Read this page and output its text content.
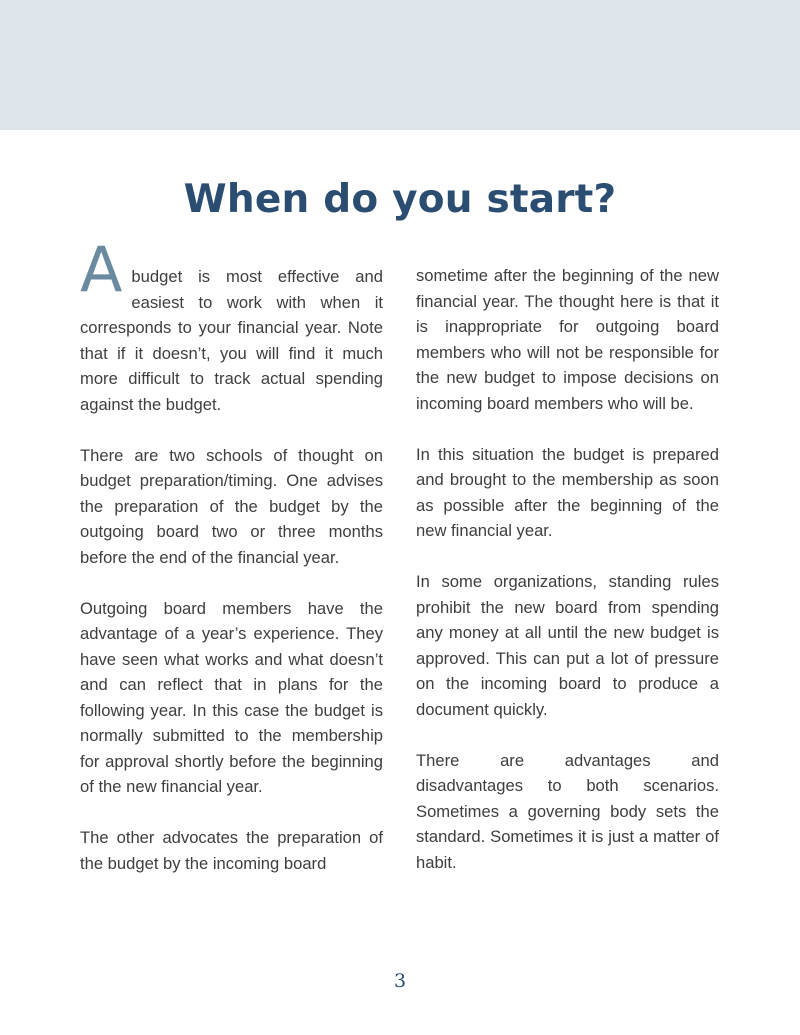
When do you start?

Abudget is most effective and easiest to work with when it corresponds to your financial year. Note that if it doesn’t, you will find it much more difficult to track actual spending against the budget.

There are two schools of thought on budget preparation/timing. One advises the preparation of the budget by the outgoing board two or three months before the end of the financial year.

Outgoing board members have the advantage of a year’s experience. They have seen what works and what doesn’t and can reflect that in plans for the following year. In this case the budget is normally submitted to the membership for approval shortly before the beginning of the new financial year.

The other advocates the preparation of the budget by the incoming board

sometime after the beginning of the new financial year. The thought here is that it is inappropriate for outgoing board members who will not be responsible for the new budget to impose decisions on incoming board members who will be.

In this situation the budget is prepared and brought to the membership as soon as possible after the beginning of the new financial year.

In some organizations, standing rules prohibit the new board from spending any money at all until the new budget is approved. This can put a lot of pressure on the incoming board to produce a document quickly.

There are advantages and disadvantages to both scenarios. Sometimes a governing body sets the standard. Sometimes it is just a matter of habit.

3
